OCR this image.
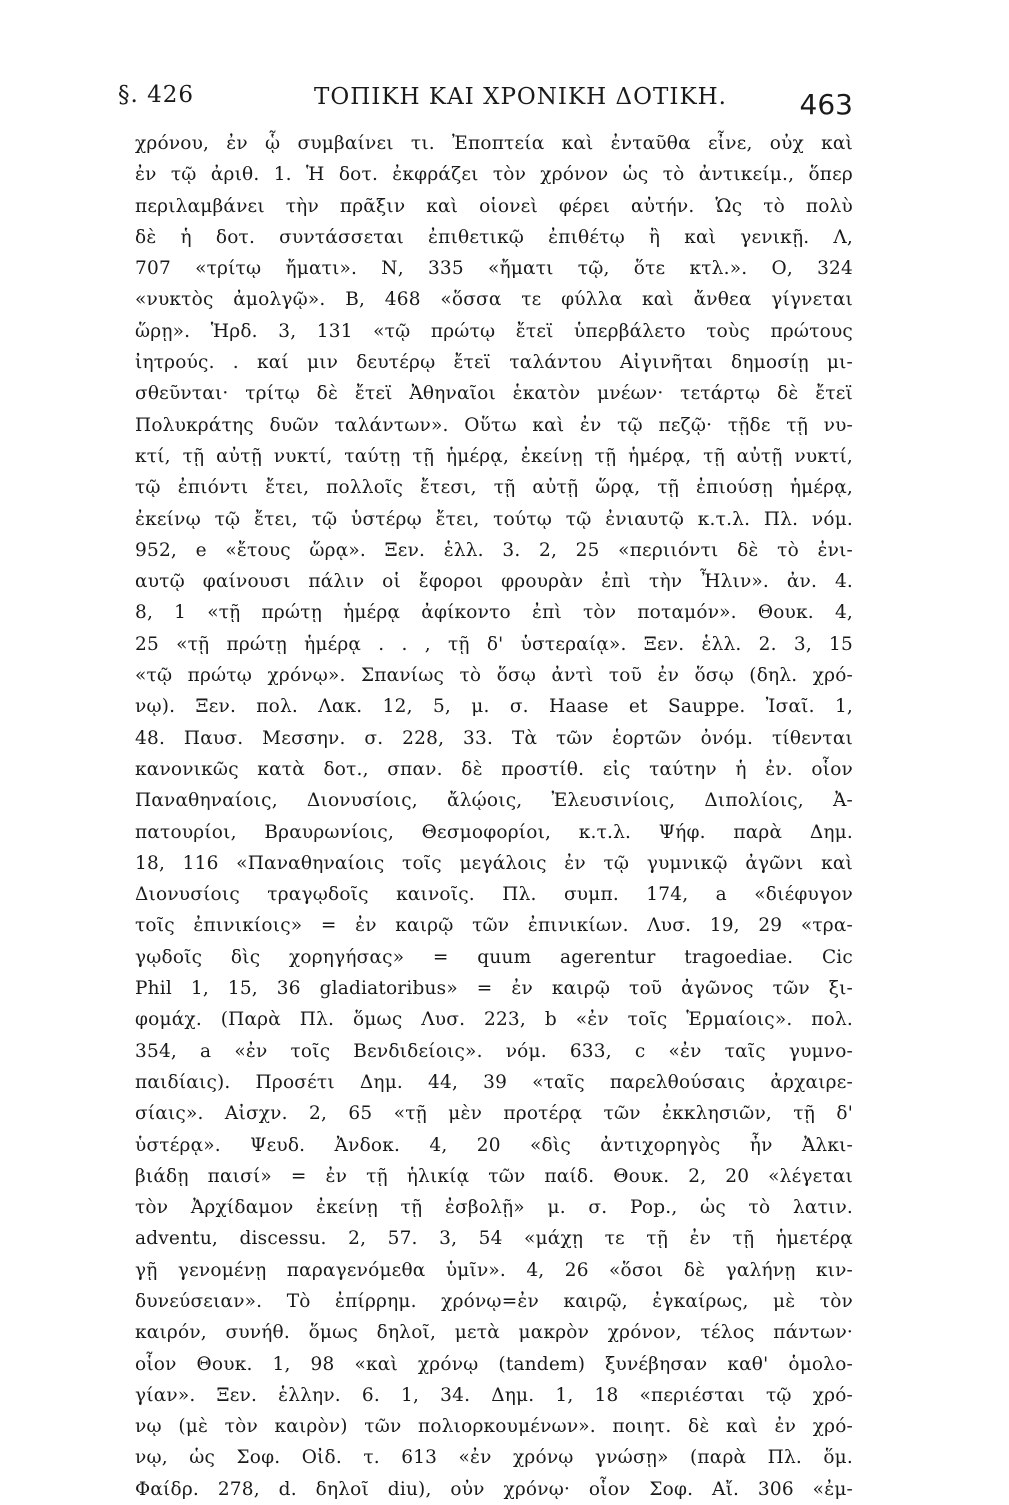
§. 426	ΤΟΠΙΚΗ ΚΑΙ ΧΡΟΝΙΚΗ ΔΟΤΙΚΗ.	463
χρόνου, ἐν ᾧ συμβαίνει τι. Ἐποπτεία καὶ ἐνταῦθα εἶνε, οὐχ καὶ
ἐν τῷ ἀριθ. 1. Ἡ δοτ. ἐκφράζει τὸν χρόνον ὡς τὸ ἀντικείμ., ὅπερ
περιλαμβάνει τὴν πρᾶξιν καὶ οἱονεὶ φέρει αὐτήν. Ὡς τὸ πολὺ
δὲ ἡ δοτ. συντάσσεται ἐπιθετικῷ ἐπιθέτῳ ἢ καὶ γενικῇ. Λ,
707 «τρίτῳ ἤματι». Ν, 335 «ἤματι τῷ, ὅτε κτλ.». Ο, 324
«νυκτὸς ἀμολγῷ». Β, 468 «ὅσσα τε φύλλα καὶ ἄνθεα γίγνεται
ὥρῃ». Ἡρδ. 3, 131 «τῷ πρώτῳ ἔτεϊ ὑπερβάλετο τοὺς πρώτους
ἰητρούς. . καί μιν δευτέρῳ ἔτεϊ ταλάντου Αἰγινῆται δημοσίῃ μι-
σθεῦνται· τρίτῳ δὲ ἔτεϊ Ἀθηναῖοι ἑκατὸν μνέων· τετάρτῳ δὲ ἔτεϊ
Πολυκράτης δυῶν ταλάντων». Οὕτω καὶ ἐν τῷ πεζῷ· τῇδε τῇ νυ-
κτί, τῇ αὐτῇ νυκτί, ταύτῃ τῇ ἡμέρᾳ, ἐκείνῃ τῇ ἡμέρᾳ, τῇ αὐτῇ νυκτί,
τῷ ἐπιόντι ἔτει, πολλοῖς ἔτεσι, τῇ αὐτῇ ὥρᾳ, τῇ ἐπιούσῃ ἡμέρᾳ,
ἐκείνῳ τῷ ἔτει, τῷ ὑστέρῳ ἔτει, τούτῳ τῷ ἐνιαυτῷ κ.τ.λ. Πλ. νόμ.
952, e «ἔτους ὥρᾳ». Ξεν. ἑλλ. 3. 2, 25 «περιιόντι δὲ τὸ ἐνι-
αυτῷ φαίνουσι πάλιν οἱ ἔφοροι φρουρὰν ἐπὶ τὴν Ἦλιν». ἀν. 4.
8, 1 «τῇ πρώτῃ ἡμέρᾳ ἀφίκοντο ἐπὶ τὸν ποταμόν». Θουκ. 4,
25 «τῇ πρώτῃ ἡμέρᾳ . . , τῇ δ' ὑστεραίᾳ». Ξεν. ἑλλ. 2. 3, 15
«τῷ πρώτῳ χρόνῳ». Σπανίως τὸ ὅσῳ ἀντὶ τοῦ ἐν ὅσῳ (δηλ. χρό-
νῳ). Ξεν. πολ. Λακ. 12, 5, μ. σ. Haase et Sauppe. Ἰσαῖ. 1,
48. Παυσ. Μεσσην. σ. 228, 33. Τὰ τῶν ἑορτῶν ὀνόμ. τίθενται
κανονικῶς κατὰ δοτ., σπαν. δὲ προστίθ. εἰς ταύτην ἡ ἐν. οἷον
Παναθηναίοις, Διονυσίοις, ἄλῴοις, Ἐλευσινίοις, Διπολίοις, Ἀ-
πατουρίοι, Βραυρωνίοις, Θεσμοφορίοι, κ.τ.λ. Ψήφ. παρὰ Δημ.
18, 116 «Παναθηναίοις τοῖς μεγάλοις ἐν τῷ γυμνικῷ ἀγῶνι καὶ
Διονυσίοις τραγῳδοῖς καινοῖς. Πλ. συμπ. 174, a «διέφυγον
τοῖς ἐπινικίοις» = ἐν καιρῷ τῶν ἐπινικίων. Λυσ. 19, 29 «τρα-
γῳδοῖς δὶς χορηγήσας» = quum agerentur tragoediae. Cic
Phil 1, 15, 36 gladiatoribus» = ἐν καιρῷ τοῦ ἀγῶνος τῶν ξι-
φομάχ. (Παρὰ Πλ. ὅμως Λυσ. 223, b «ἐν τοῖς Ἑρμαίοις». πολ.
354, a «ἐν τοῖς Βενδιδείοις». νόμ. 633, c «ἐν ταῖς γυμνο-
παιδίαις). Προσέτι Δημ. 44, 39 «ταῖς παρελθούσαις ἀρχαιρε-
σίαις». Αἰσχν. 2, 65 «τῇ μὲν προτέρᾳ τῶν ἐκκλησιῶν, τῇ δ'
ὑστέρᾳ». Ψευδ. Ἀνδοκ. 4, 20 «δὶς ἀντιχορηγὸς ἦν Ἀλκι-
βιάδῃ παισί» = ἐν τῇ ἡλικίᾳ τῶν παίδ. Θουκ. 2, 20 «λέγεται
τὸν Ἀρχίδαμον ἐκείνῃ τῇ ἐσβολῇ» μ. σ. Pop., ὡς τὸ λατιν.
adventu, discessu. 2, 57. 3, 54 «μάχῃ τε τῇ ἐν τῇ ἡμετέρᾳ
γῇ γενομένῃ παραγενόμεθα ὑμῖν». 4, 26 «ὅσοι δὲ γαλήνῃ κιν-
δυνεύσειαν». Τὸ ἐπίρρημ. χρόνῳ=ἐν καιρῷ, ἐγκαίρως, μὲ τὸν
καιρόν, συνήθ. ὅμως δηλοῖ, μετὰ μακρὸν χρόνον, τέλος πάντων·
οἷον Θουκ. 1, 98 «καὶ χρόνῳ (tandem) ξυνέβησαν καθ' ὁμολο-
γίαν». Ξεν. ἑλλην. 6. 1, 34. Δημ. 1, 18 «περιέσται τῷ χρό-
νῳ (μὲ τὸν καιρὸν) τῶν πολιορκουμένων». ποιητ. δὲ καὶ ἐν χρό-
νῳ, ὡς Σοφ. Οἰδ. τ. 613 «ἐν χρόνῳ γνώσῃ» (παρὰ Πλ. ὅμ.
Φαίδρ. 278, d. δηλοῖ diu), οὐν χρόνῳ· οἷον Σοφ. Αἴ. 306 «ἐμ-
